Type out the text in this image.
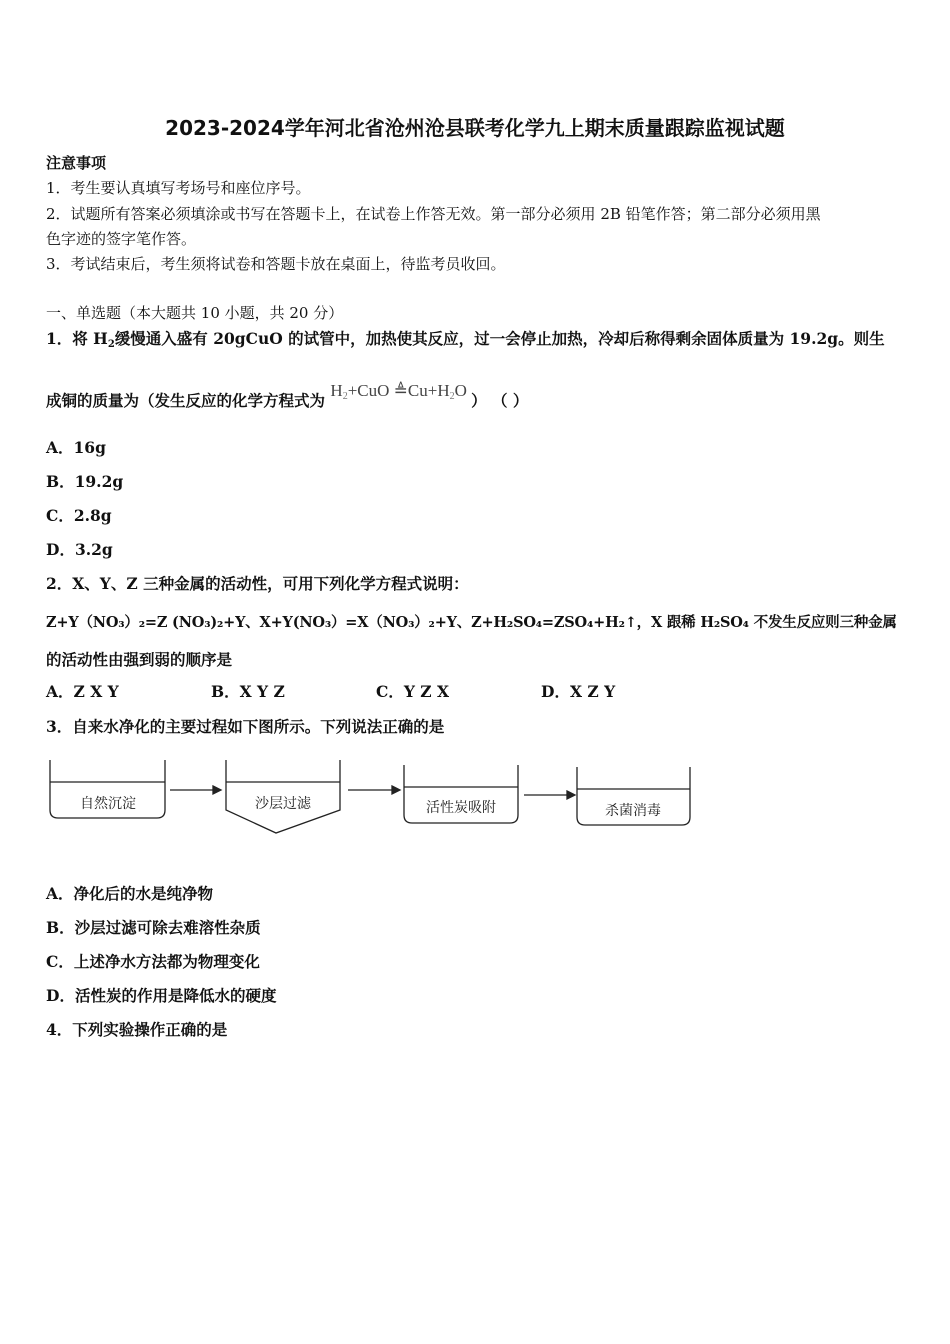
2023-2024学年河北省沧州沧县联考化学九上期末质量跟踪监视试题
注意事项
1．考生要认真填写考场号和座位序号。
2．试题所有答案必须填涂或书写在答题卡上，在试卷上作答无效。第一部分必须用 2B 铅笔作答；第二部分必须用黑
色字迹的签字笔作答。
3．考试结束后，考生须将试卷和答题卡放在桌面上，待监考员收回。
一、单选题（本大题共 10 小题，共 20 分）
1．将 $H_2$缓慢通入盛有 20gCuO 的试管中，加热使其反应，过一会停止加热，冷却后称得剩余固体质量为 19.2g。则生
成铜的质量为（发生反应的化学方程式为 $H_2+CuO$ $≜Cu+H_2O$ ） （ ）
A．16g
B．19.2g
C．2.8g
D．3.2g
2．X、Y、Z 三种金属的活动性，可用下列化学方程式说明：
Z+Y（NO₃）₂=Z (NO₃)₂+Y、X+Y(NO₃）=X（NO₃）₂+Y、Z+H₂SO₄=ZSO₄+H₂↑，X 跟稀 H₂SO₄ 不发生反应则三种金属
的活动性由强到弱的顺序是
A．Z X Y	B．X Y Z	C．Y Z X	D．X Z Y
3．自来水净化的主要过程如下图所示。下列说法正确的是
自然沉淀	沙层过滤	活性炭吸附	杀菌消毒
A．净化后的水是纯净物
B．沙层过滤可除去难溶性杂质
C．上述净水方法都为物理变化
D．活性炭的作用是降低水的硬度
4．下列实验操作正确的是
